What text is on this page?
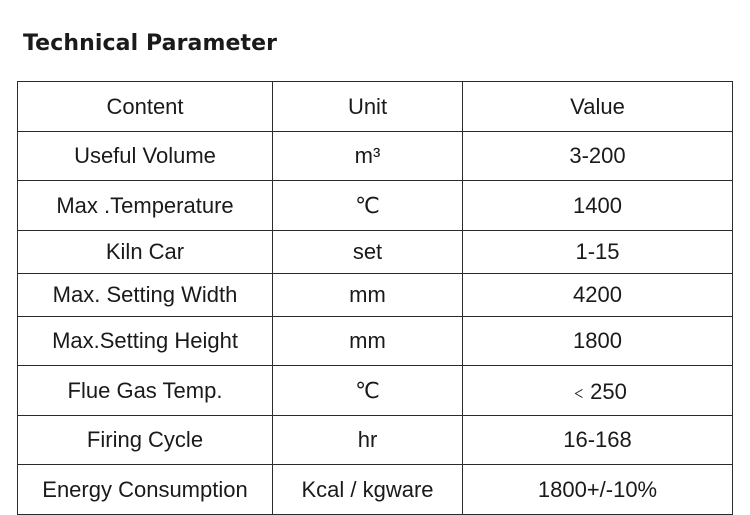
Technical Parameter
Content	Unit	Value
Useful Volume	m³	3-200
Max .Temperature	℃	1400
Kiln Car	set	1-15
Max. Setting Width	mm	4200
Max.Setting Height	mm	1800
Flue Gas Temp.	℃	﹤250
Firing Cycle	hr	16-168
Energy Consumption	Kcal / kgware	1800+/-10%
